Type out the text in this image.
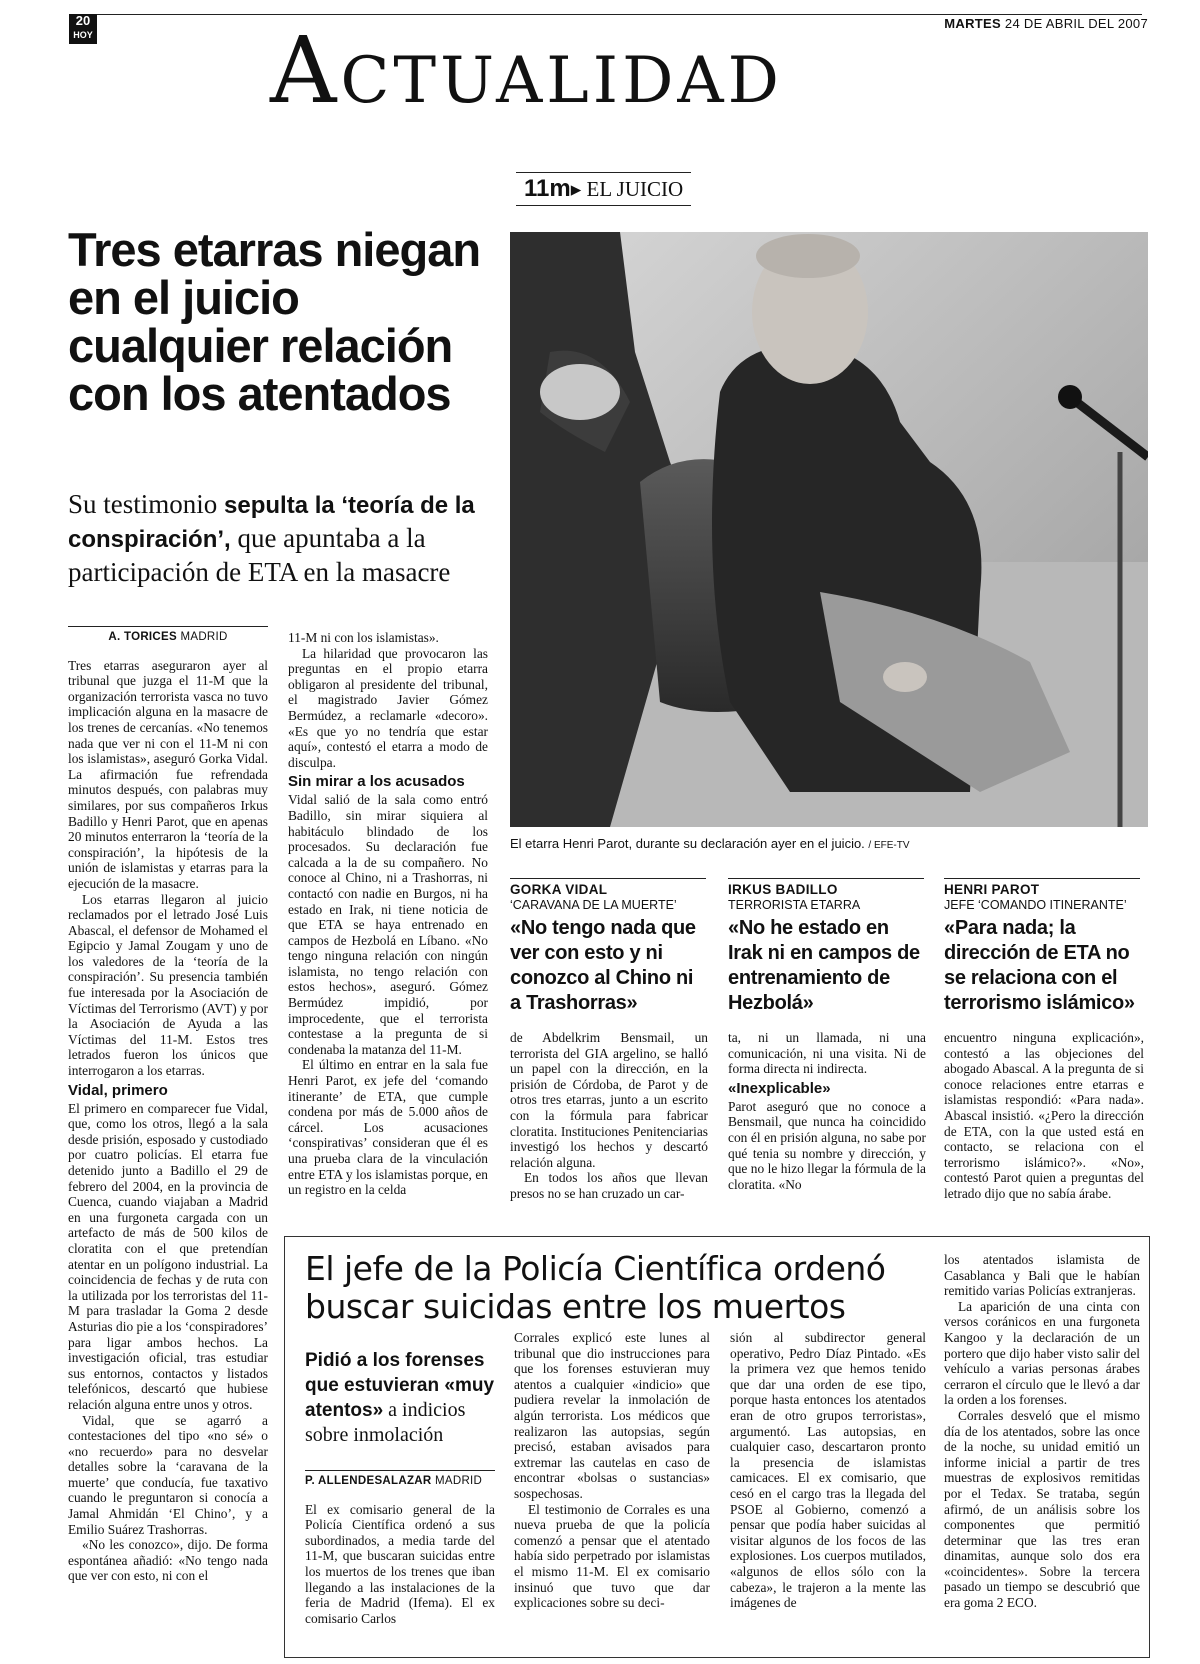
20
HOY
MARTES 24 DE ABRIL DEL 2007
Actualidad
11m▸ EL JUICIO
Tres etarras niegan en el juicio cualquier relación con los atentados

Su testimonio sepulta la ‘teoría de la conspiración’, que apuntaba a la participación de ETA en la masacre

El etarra Henri Parot, durante su declaración ayer en el juicio. / EFE-TV
GORKA VIDAL
‘CARAVANA DE LA MUERTE’
«No tengo nada que ver con esto y ni conozco al Chino ni a Trashorras»
IRKUS BADILLO
TERRORISTA ETARRA
«No he estado en Irak ni en campos de entrenamiento de Hezbolá»
HENRI PAROT
JEFE ‘COMANDO ITINERANTE’
«Para nada; la dirección de ETA no se relaciona con el terrorismo islámico»
A. TORICES MADRID

Tres etarras aseguraron ayer al tribunal que juzga el 11-M que la organización terrorista vasca no tuvo implicación alguna en la masacre de los trenes de cercanías. «No tenemos nada que ver ni con el 11-M ni con los islamistas», aseguró Gorka Vidal. La afirmación fue refrendada minutos después, con palabras muy similares, por sus compañeros Irkus Badillo y Henri Parot, que en apenas 20 minutos enterraron la ‘teoría de la conspiración’, la hipótesis de la unión de islamistas y etarras para la ejecución de la masacre.

Los etarras llegaron al juicio reclamados por el letrado José Luis Abascal, el defensor de Mohamed el Egipcio y Jamal Zougam y uno de los valedores de la ‘teoría de la conspiración’. Su presencia también fue interesada por la Asociación de Víctimas del Terrorismo (AVT) y por la Asociación de Ayuda a las Víctimas del 11-M. Estos tres letrados fueron los únicos que interrogaron a los etarras.

Vidal, primero

El primero en comparecer fue Vidal, que, como los otros, llegó a la sala desde prisión, esposado y custodiado por cuatro policías. El etarra fue detenido junto a Badillo el 29 de febrero del 2004, en la provincia de Cuenca, cuando viajaban a Madrid en una furgoneta cargada con un artefacto de más de 500 kilos de cloratita con el que pretendían atentar en un polígono industrial. La coincidencia de fechas y de ruta con la utilizada por los terroristas del 11-M para trasladar la Goma 2 desde Asturias dio pie a los ‘conspiradores’ para ligar ambos hechos. La investigación oficial, tras estudiar sus entornos, contactos y listados telefónicos, descartó que hubiese relación alguna entre unos y otros.

Vidal, que se agarró a contestaciones del tipo «no sé» o «no recuerdo» para no desvelar detalles sobre la ‘caravana de la muerte’ que conducía, fue taxativo cuando le preguntaron si conocía a Jamal Ahmidán ‘El Chino’, y a Emilio Suárez Trashorras.

«No les conozco», dijo. De forma espontánea añadió: «No tengo nada que ver con esto, ni con el

11-M ni con los islamistas».

La hilaridad que provocaron las preguntas en el propio etarra obligaron al presidente del tribunal, el magistrado Javier Gómez Bermúdez, a reclamarle «decoro». «Es que yo no tendría que estar aquí», contestó el etarra a modo de disculpa.

Sin mirar a los acusados

Vidal salió de la sala como entró Badillo, sin mirar siquiera al habitáculo blindado de los procesados. Su declaración fue calcada a la de su compañero. No conoce al Chino, ni a Trashorras, ni contactó con nadie en Burgos, ni ha estado en Irak, ni tiene noticia de que ETA se haya entrenado en campos de Hezbolá en Líbano. «No tengo ninguna relación con ningún islamista, no tengo relación con estos hechos», aseguró. Gómez Bermúdez impidió, por improcedente, que el terrorista contestase a la pregunta de si condenaba la matanza del 11-M.

El último en entrar en la sala fue Henri Parot, ex jefe del ‘comando itinerante’ de ETA, que cumple condena por más de 5.000 años de cárcel. Los acusaciones ‘conspirativas’ consideran que él es una prueba clara de la vinculación entre ETA y los islamistas porque, en un registro en la celda

de Abdelkrim Bensmail, un terrorista del GIA argelino, se halló un papel con la dirección, en la prisión de Córdoba, de Parot y de otros tres etarras, junto a un escrito con la fórmula para fabricar cloratita. Instituciones Penitenciarias investigó los hechos y descartó relación alguna.

En todos los años que llevan presos no se han cruzado un car-

ta, ni un llamada, ni una comunicación, ni una visita. Ni de forma directa ni indirecta.

«Inexplicable»

Parot aseguró que no conoce a Bensmail, que nunca ha coincidido con él en prisión alguna, no sabe por qué tenia su nombre y dirección, y que no le hizo llegar la fórmula de la cloratita. «No

encuentro ninguna explicación», contestó a las objeciones del abogado Abascal. A la pregunta de si conoce relaciones entre etarras e islamistas respondió: «Para nada». Abascal insistió. «¿Pero la dirección de ETA, con la que usted está en contacto, se relaciona con el terrorismo islámico?». «No», contestó Parot quien a preguntas del letrado dijo que no sabía árabe.

El jefe de la Policía Científica ordenó buscar suicidas entre los muertos

Pidió a los forenses que estuvieran «muy atentos» a indicios sobre inmolación

P. ALLENDESALAZAR MADRID

El ex comisario general de la Policía Científica ordenó a sus subordinados, a media tarde del 11-M, que buscaran suicidas entre los muertos de los trenes que iban llegando a las instalaciones de la feria de Madrid (Ifema). El ex comisario Carlos

Corrales explicó este lunes al tribunal que dio instrucciones para que los forenses estuvieran muy atentos a cualquier «indicio» que pudiera revelar la inmolación de algún terrorista. Los médicos que realizaron las autopsias, según precisó, estaban avisados para extremar las cautelas en caso de encontrar «bolsas o sustancias» sospechosas.

El testimonio de Corrales es una nueva prueba de que la policía comenzó a pensar que el atentado había sido perpetrado por islamistas el mismo 11-M. El ex comisario insinuó que tuvo que dar explicaciones sobre su deci-

sión al subdirector general operativo, Pedro Díaz Pintado. «Es la primera vez que hemos tenido que dar una orden de ese tipo, porque hasta entonces los atentados eran de otro grupos terroristas», argumentó. Las autopsias, en cualquier caso, descartaron pronto la presencia de islamistas camicaces. El ex comisario, que cesó en el cargo tras la llegada del PSOE al Gobierno, comenzó a pensar que podía haber suicidas al visitar algunos de los focos de las explosiones. Los cuerpos mutilados, «algunos de ellos sólo con la cabeza», le trajeron a la mente las imágenes de

los atentados islamista de Casablanca y Bali que le habían remitido varias Policías extranjeras.

La aparición de una cinta con versos coránicos en una furgoneta Kangoo y la declaración de un portero que dijo haber visto salir del vehículo a varias personas árabes cerraron el círculo que le llevó a dar la orden a los forenses.

Corrales desveló que el mismo día de los atentados, sobre las once de la noche, su unidad emitió un informe inicial a partir de tres muestras de explosivos remitidas por el Tedax. Se trataba, según afirmó, de un análisis sobre los componentes que permitió determinar que las tres eran dinamitas, aunque solo dos era «coincidentes». Sobre la tercera pasado un tiempo se descubrió que era goma 2 ECO.
